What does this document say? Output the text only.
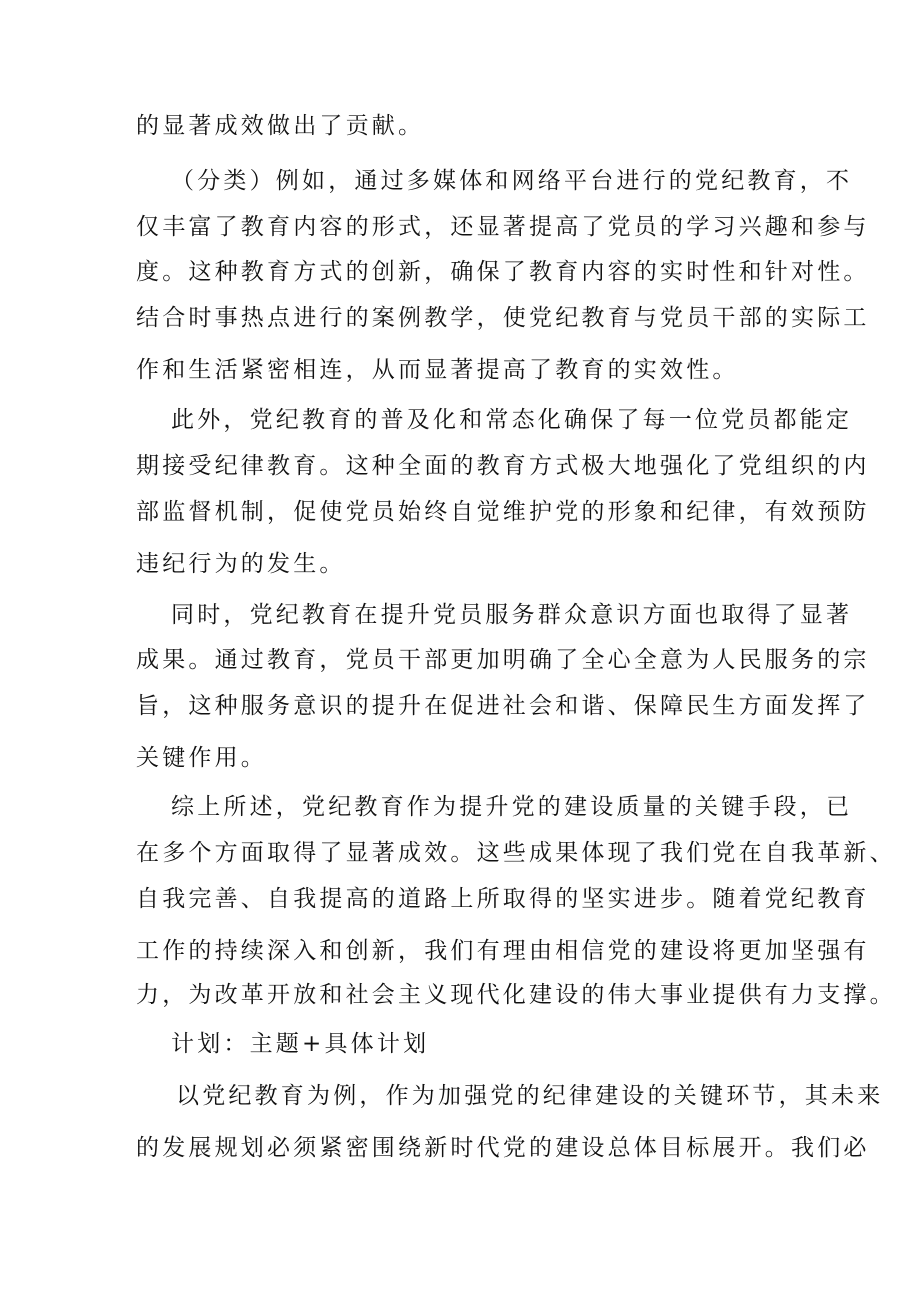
的显著成效做出了贡献。
（分类）例如，通过多媒体和网络平台进行的党纪教育，不
仅丰富了教育内容的形式，还显著提高了党员的学习兴趣和参与
度。这种教育方式的创新，确保了教育内容的实时性和针对性。
结合时事热点进行的案例教学，使党纪教育与党员干部的实际工
作和生活紧密相连，从而显著提高了教育的实效性。
此外，党纪教育的普及化和常态化确保了每一位党员都能定
期接受纪律教育。这种全面的教育方式极大地强化了党组织的内
部监督机制，促使党员始终自觉维护党的形象和纪律，有效预防
违纪行为的发生。
同时，党纪教育在提升党员服务群众意识方面也取得了显著
成果。通过教育，党员干部更加明确了全心全意为人民服务的宗
旨，这种服务意识的提升在促进社会和谐、保障民生方面发挥了
关键作用。
综上所述，党纪教育作为提升党的建设质量的关键手段，已
在多个方面取得了显著成效。这些成果体现了我们党在自我革新、
自我完善、自我提高的道路上所取得的坚实进步。随着党纪教育
工作的持续深入和创新，我们有理由相信党的建设将更加坚强有
力，为改革开放和社会主义现代化建设的伟大事业提供有力支撑。
计划：主题+具体计划
以党纪教育为例，作为加强党的纪律建设的关键环节，其未来
的发展规划必须紧密围绕新时代党的建设总体目标展开。我们必
